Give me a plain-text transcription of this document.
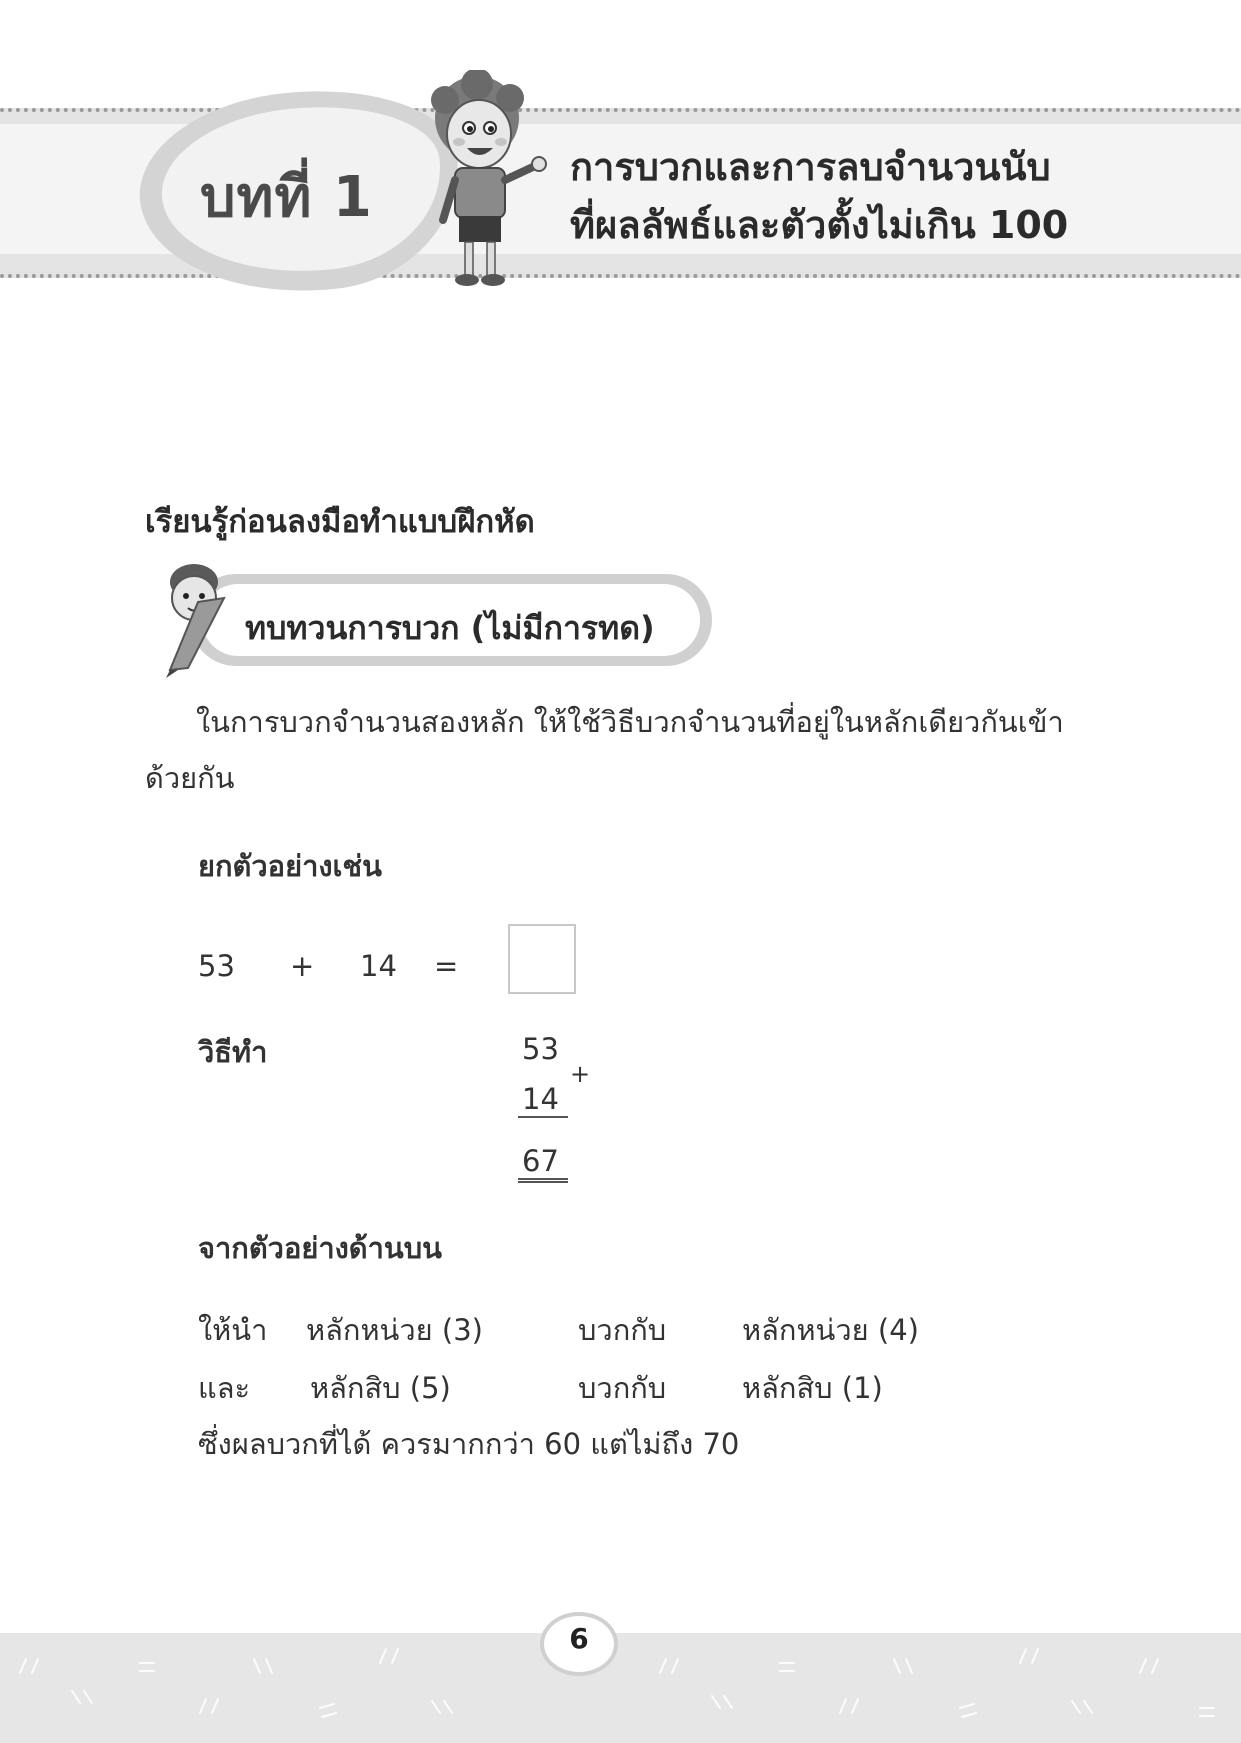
บทที่ 1	การบวกและการลบจำนวนนับ
ที่ผลลัพธ์และตัวตั้งไม่เกิน 100
เรียนรู้ก่อนลงมือทำแบบฝึกหัด
ทบทวนการบวก (ไม่มีการทด)
ในการบวกจำนวนสองหลัก ให้ใช้วิธีบวกจำนวนที่อยู่ในหลักเดียวกันเข้า
ด้วยกัน
ยกตัวอย่างเช่น
53 + 14 =
วิธีทำ	53
+
14
67
จากตัวอย่างด้านบน
ให้นำ หลักหน่วย (3)	บวกกับ	หลักหน่วย (4)
และ หลักสิบ (5)	บวกกับ	หลักสิบ (1)
ซึ่งผลบวกที่ได้ ควรมากกว่า 60 แต่ไม่ถึง 70
6
